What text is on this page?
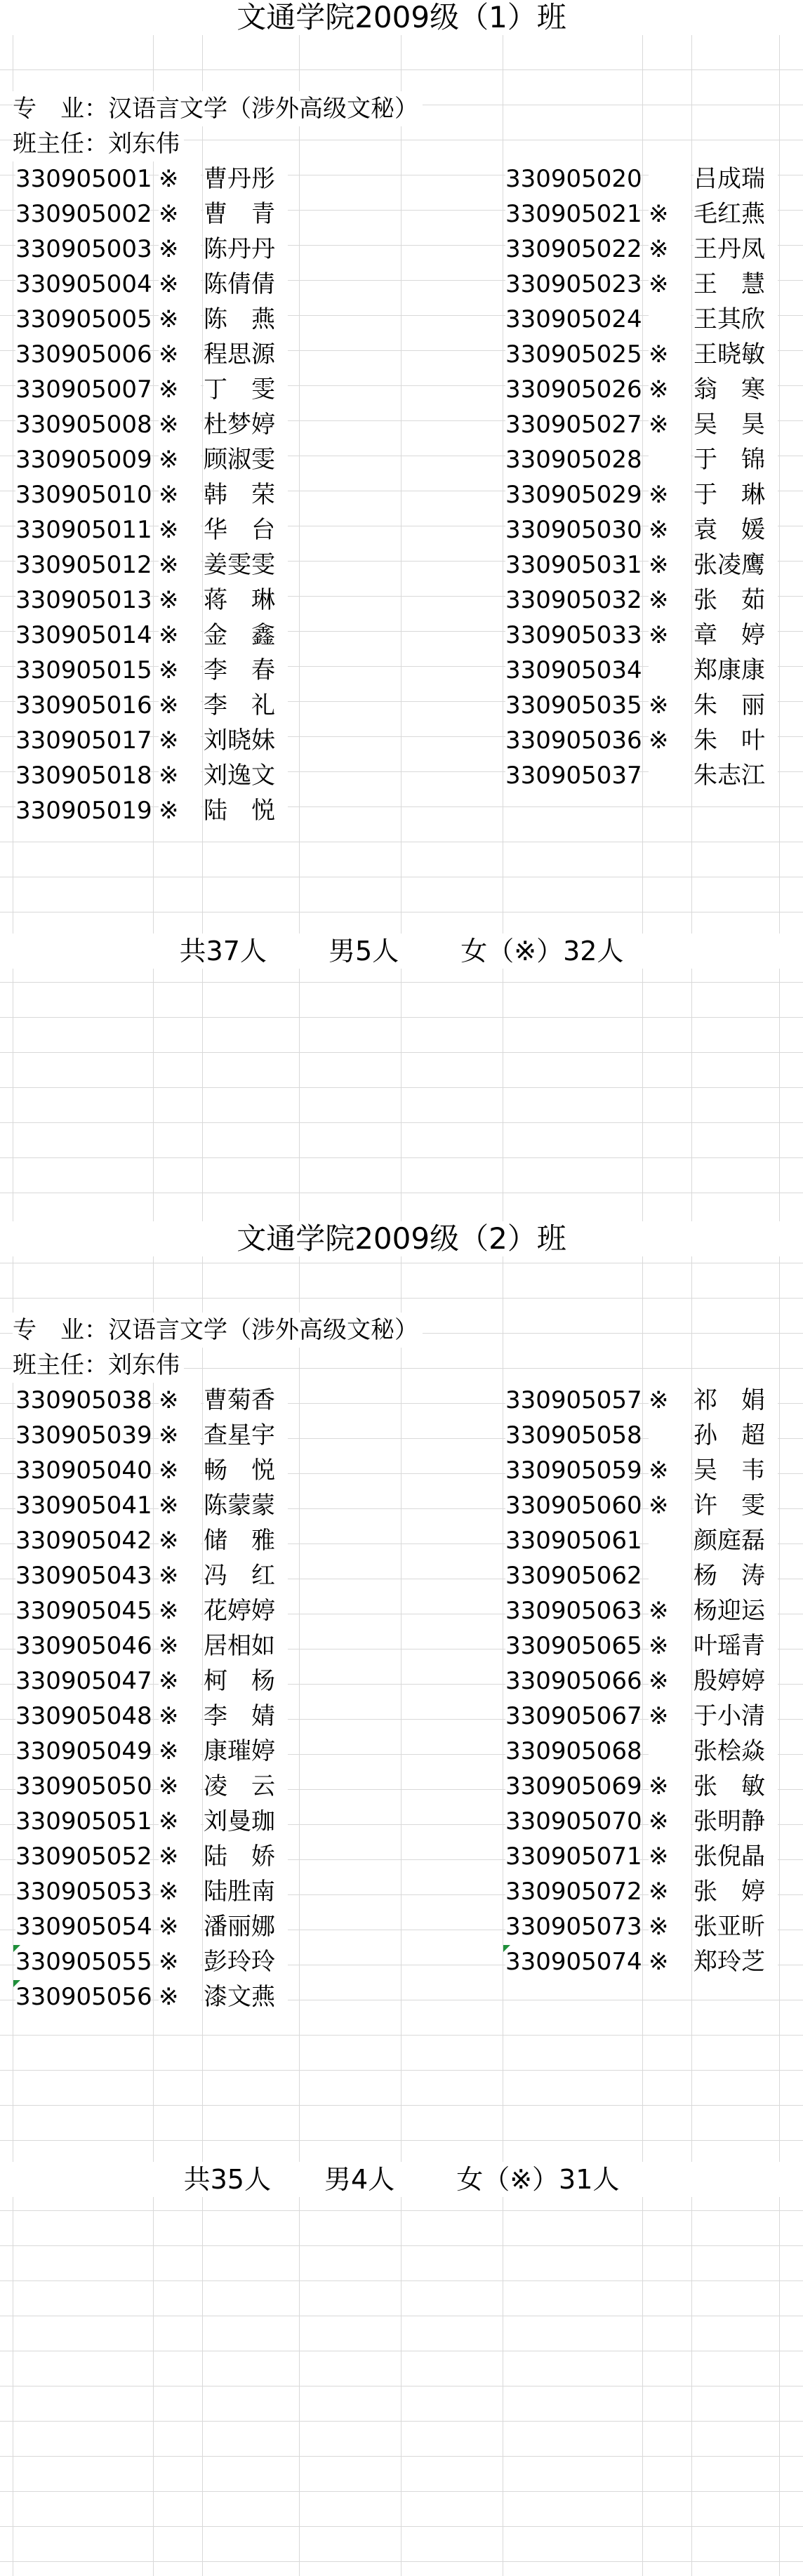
文通学院2009级（1）班
专　业：汉语言文学（涉外高级文秘）
班主任：刘东伟
330905001 ※	曹丹彤
330905002 ※	曹　青
330905003 ※	陈丹丹
330905004 ※	陈倩倩
330905005 ※	陈　燕
330905006 ※	程思源
330905007 ※	丁　雯
330905008 ※	杜梦婷
330905009 ※	顾淑雯
330905010 ※	韩　荣
330905011 ※	华　台
330905012 ※	姜雯雯
330905013 ※	蒋　琳
330905014 ※	金　鑫
330905015 ※	李　春
330905016 ※	李　礼
330905017 ※	刘晓妹
330905018 ※	刘逸文
330905019 ※	陆　悦
330905020 吕成瑞
330905021 ※	毛红燕
330905022 ※	王丹凤
330905023 ※	王　慧
330905024 王其欣
330905025 ※	王晓敏
330905026 ※	翁　寒
330905027 ※	吴　昊
330905028 于　锦
330905029 ※	于　琳
330905030 ※	袁　媛
330905031 ※	张凌鹰
330905032 ※	张　茹
330905033 ※	章　婷
330905034 郑康康
330905035 ※	朱　丽
330905036 ※	朱　叶
330905037 朱志江
共37人　　 男5人　　 女（※）32人
文通学院2009级（2）班
专　业：汉语言文学（涉外高级文秘）
班主任：刘东伟
330905038 ※	曹菊香
330905039 ※	查星宇
330905040 ※	畅　悦
330905041 ※	陈蒙蒙
330905042 ※	储　雅
330905043 ※	冯　红
330905045 ※	花婷婷
330905046 ※	居相如
330905047 ※	柯　杨
330905048 ※	李　婧
330905049 ※	康璀婷
330905050 ※	凌　云
330905051 ※	刘曼珈
330905052 ※	陆　娇
330905053 ※	陆胜南
330905054 ※	潘丽娜
330905055 ※	彭玲玲
330905056 ※	漆文燕
330905057 ※	祁　娟
330905058 孙　超
330905059 ※	吴　韦
330905060 ※	许　雯
330905061 颜庭磊
330905062 杨　涛
330905063 ※	杨迎运
330905065 ※	叶瑶青
330905066 ※	殷婷婷
330905067 ※	于小清
330905068 张桧焱
330905069 ※	张　敏
330905070 ※	张明静
330905071 ※	张倪晶
330905072 ※	张　婷
330905073 ※	张亚昕
330905074 ※	郑玲芝
共35人　　男4人　　 女（※）31人
